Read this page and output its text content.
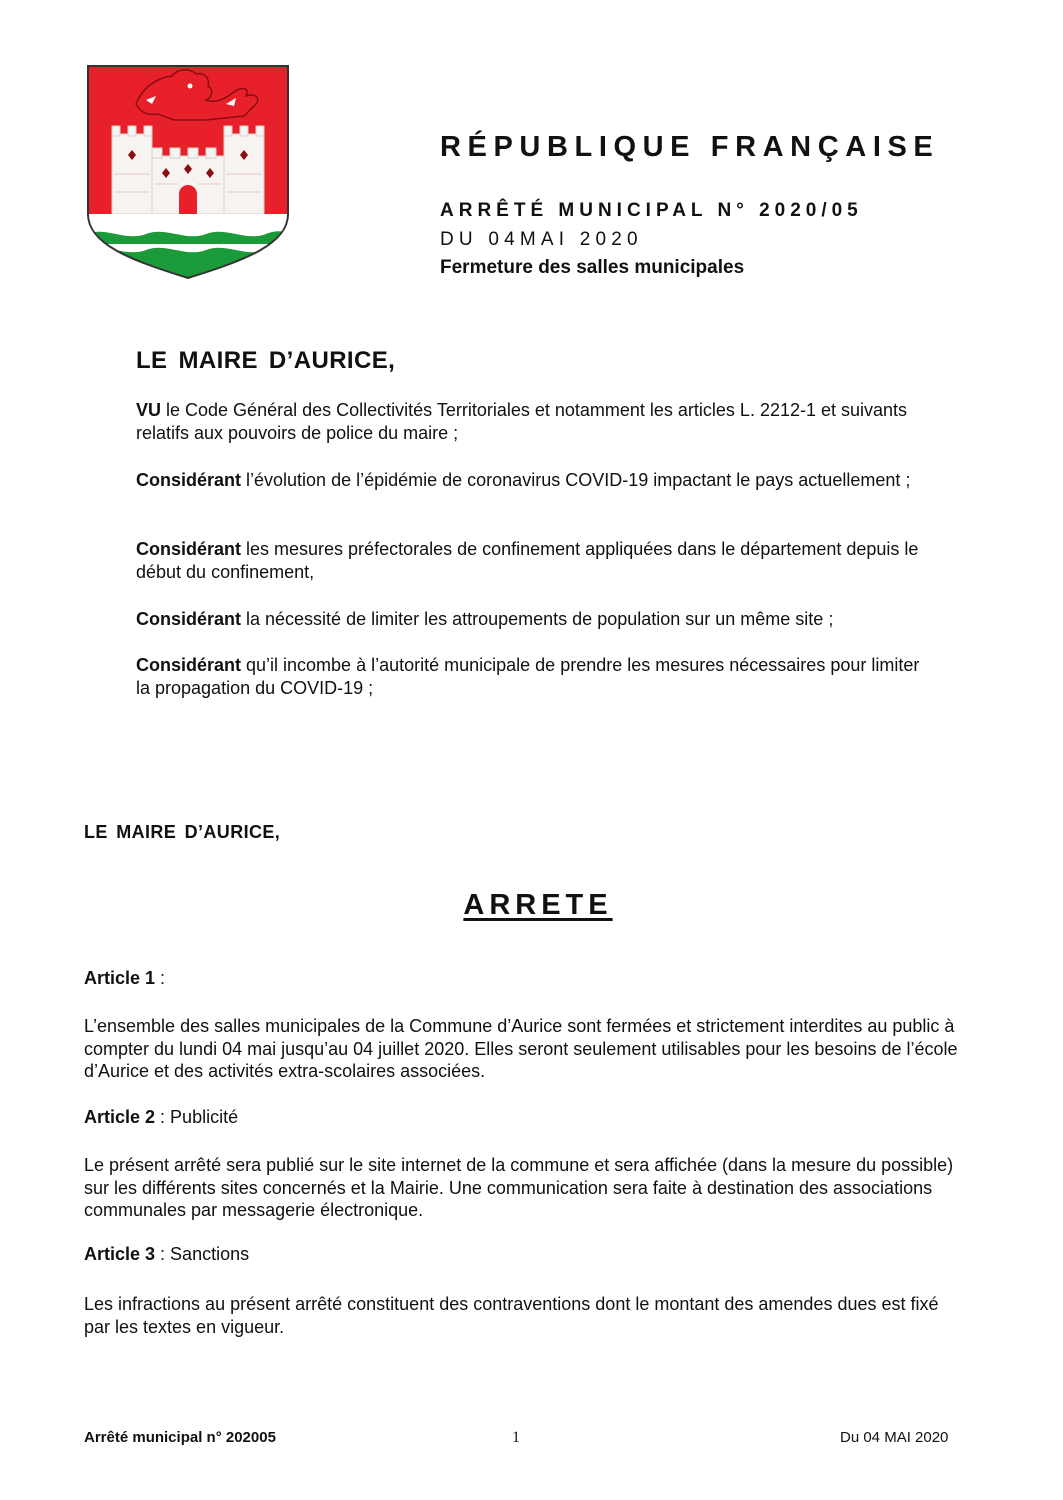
RÉPUBLIQUE FRANÇAISE
ARRÊTÉ MUNICIPAL N° 2020/05
DU 04MAI 2020
Fermeture des salles municipales
LE MAIRE D’AURICE,
VU le Code Général des Collectivités Territoriales et notamment les articles L. 2212-1 et suivants relatifs aux pouvoirs de police du maire ;
Considérant l’évolution de l’épidémie de coronavirus COVID-19 impactant le pays actuellement ;
Considérant les mesures préfectorales de confinement appliquées dans le département depuis le début du confinement,
Considérant la nécessité de limiter les attroupements de population sur un même site ;
Considérant qu’il incombe à l’autorité municipale de prendre les mesures nécessaires pour limiter la propagation du COVID-19 ;
LE MAIRE D’AURICE,
ARRETE
Article 1 :
L’ensemble des salles municipales de la Commune d’Aurice sont fermées et strictement interdites au public à compter du lundi 04 mai jusqu’au 04 juillet 2020. Elles seront seulement utilisables pour les besoins de l’école d’Aurice et des activités extra-scolaires associées.
Article 2 : Publicité
Le présent arrêté sera publié sur le site internet de la commune et sera affichée (dans la mesure du possible) sur les différents sites concernés et la Mairie. Une communication sera faite à destination des associations communales par messagerie électronique.
Article 3 : Sanctions
Les infractions au présent arrêté constituent des contraventions dont le montant des amendes dues est fixé par les textes en vigueur.
Arrêté municipal n° 202005	1	Du 04 MAI 2020
